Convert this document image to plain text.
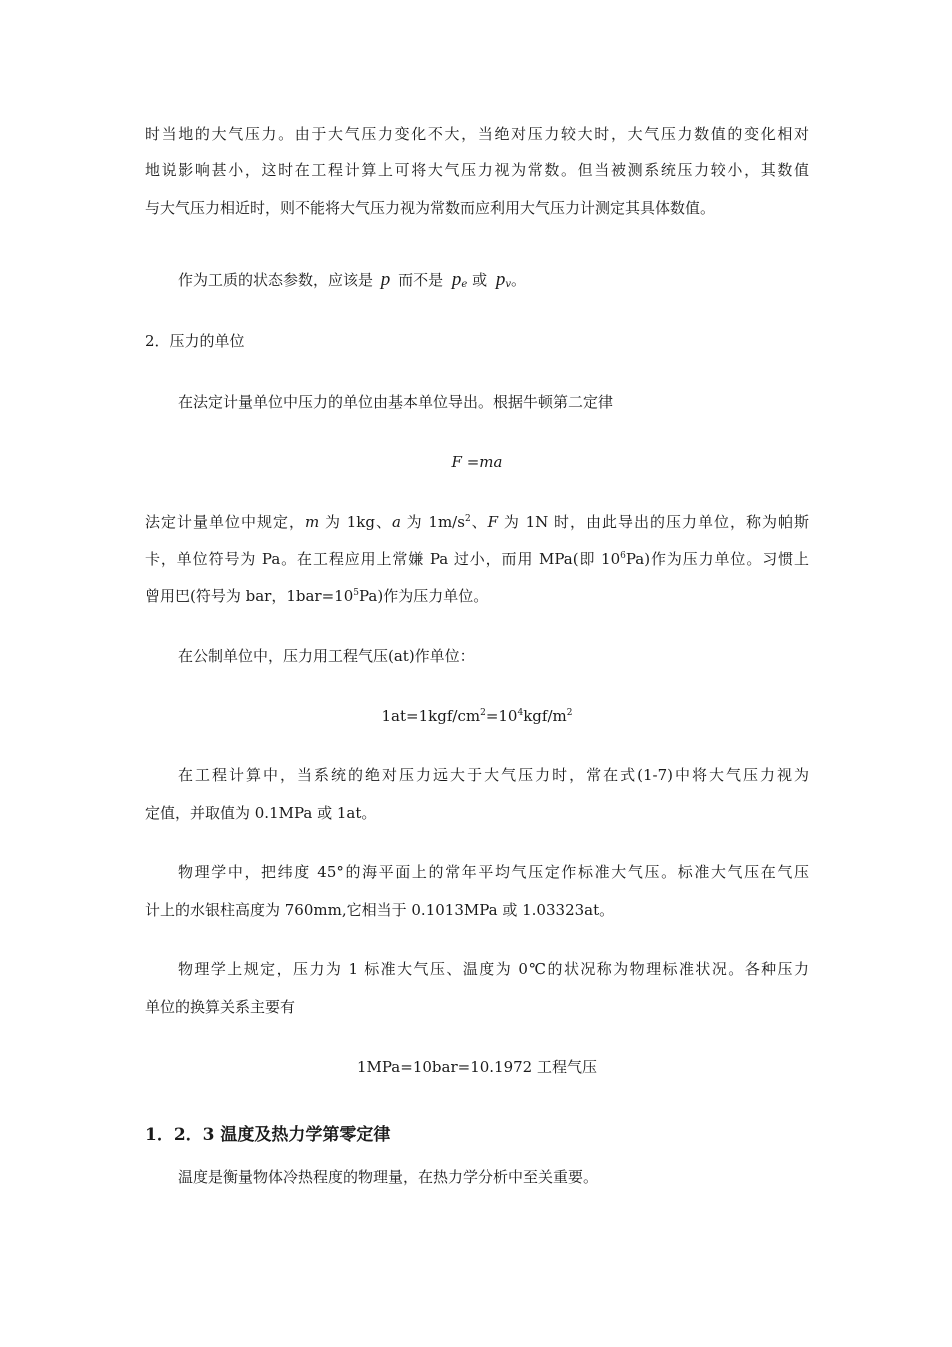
时当地的大气压力。由于大气压力变化不大，当绝对压力较大时，大气压力数值的变化相对
地说影响甚小，这时在工程计算上可将大气压力视为常数。但当被测系统压力较小，其数值
与大气压力相近时，则不能将大气压力视为常数而应利用大气压力计测定其具体数值。
作为工质的状态参数，应该是 p 而不是 $p_e$ 或 $p_v$。
2．压力的单位
在法定计量单位中压力的单位由基本单位导出。根据牛顿第二定律
F =ma
法定计量单位中规定，m 为 1kg、a 为 $1m/s^2$、F 为 1N 时，由此导出的压力单位，称为帕斯
卡，单位符号为 Pa。在工程应用上常嫌 Pa 过小，而用 MPa(即 $10^6Pa$)作为压力单位。习惯上
曾用巴(符号为 bar，$1bar=10^5Pa$)作为压力单位。
在公制单位中，压力用工程气压(at)作单位：
$1at=1kgf/cm^2=10^4kgf/m^2$
在工程计算中，当系统的绝对压力远大于大气压力时，常在式(1-7)中将大气压力视为
定值，并取值为 0.1MPa 或 1at。
物理学中，把纬度 45°的海平面上的常年平均气压定作标准大气压。标准大气压在气压
计上的水银柱高度为 760mm,它相当于 0.1013MPa 或 1.03323at。
物理学上规定，压力为 1 标准大气压、温度为 0℃的状况称为物理标准状况。各种压力
单位的换算关系主要有
1MPa=10bar=10.1972 工程气压
1．2．3 温度及热力学第零定律
温度是衡量物体冷热程度的物理量，在热力学分析中至关重要。
